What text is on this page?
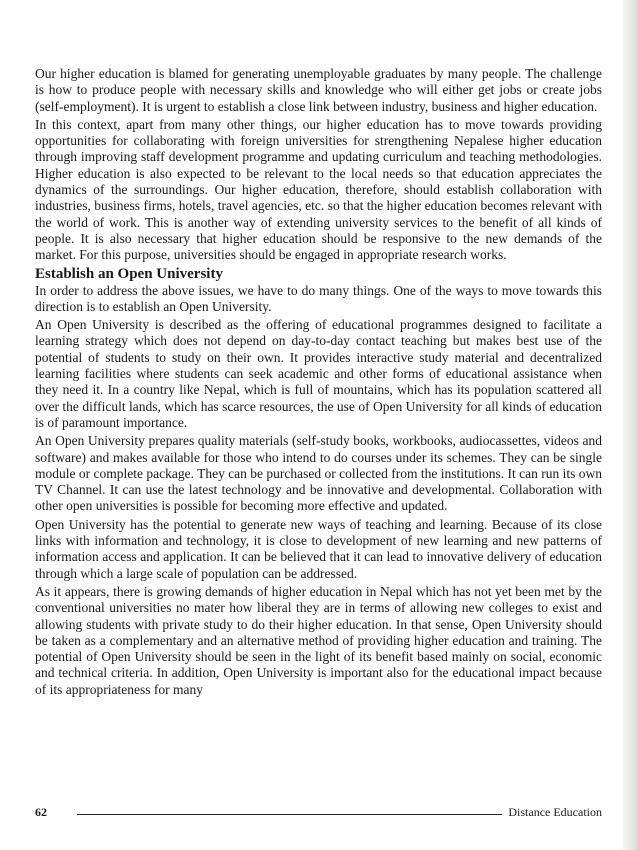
Our higher education is blamed for generating unemployable graduates by many people. The challenge is how to produce people with necessary skills and knowledge who will either get jobs or create jobs (self-employment). It is urgent to establish a close link between industry, business and higher education.

In this context, apart from many other things, our higher education has to move towards providing opportunities for collaborating with foreign universities for strengthening Nepalese higher education through improving staff development programme and updating curriculum and teaching methodologies. Higher education is also expected to be relevant to the local needs so that education appreciates the dynamics of the surroundings. Our higher education, therefore, should establish collaboration with industries, business firms, hotels, travel agencies, etc. so that the higher education becomes relevant with the world of work. This is another way of extending university services to the benefit of all kinds of people. It is also necessary that higher education should be responsive to the new demands of the market. For this purpose, universities should be engaged in appropriate research works.

Establish an Open University

In order to address the above issues, we have to do many things. One of the ways to move towards this direction is to establish an Open University.

An Open University is described as the offering of educational programmes designed to facilitate a learning strategy which does not depend on day-to-day contact teaching but makes best use of the potential of students to study on their own. It provides interactive study material and decentralized learning facilities where students can seek academic and other forms of educational assistance when they need it. In a country like Nepal, which is full of mountains, which has its population scattered all over the difficult lands, which has scarce resources, the use of Open University for all kinds of education is of paramount importance.

An Open University prepares quality materials (self-study books, workbooks, audiocassettes, videos and software) and makes available for those who intend to do courses under its schemes. They can be single module or complete package. They can be purchased or collected from the institutions. It can run its own TV Channel. It can use the latest technology and be innovative and developmental. Collaboration with other open universities is possible for becoming more effective and updated.

Open University has the potential to generate new ways of teaching and learning. Because of its close links with information and technology, it is close to development of new learning and new patterns of information access and application. It can be believed that it can lead to innovative delivery of education through which a large scale of population can be addressed.

As it appears, there is growing demands of higher education in Nepal which has not yet been met by the conventional universities no mater how liberal they are in terms of allowing new colleges to exist and allowing students with private study to do their higher education. In that sense, Open University should be taken as a complementary and an alternative method of providing higher education and training. The potential of Open University should be seen in the light of its benefit based mainly on social, economic and technical criteria. In addition, Open University is important also for the educational impact because of its appropriateness for many

62	Distance Education
